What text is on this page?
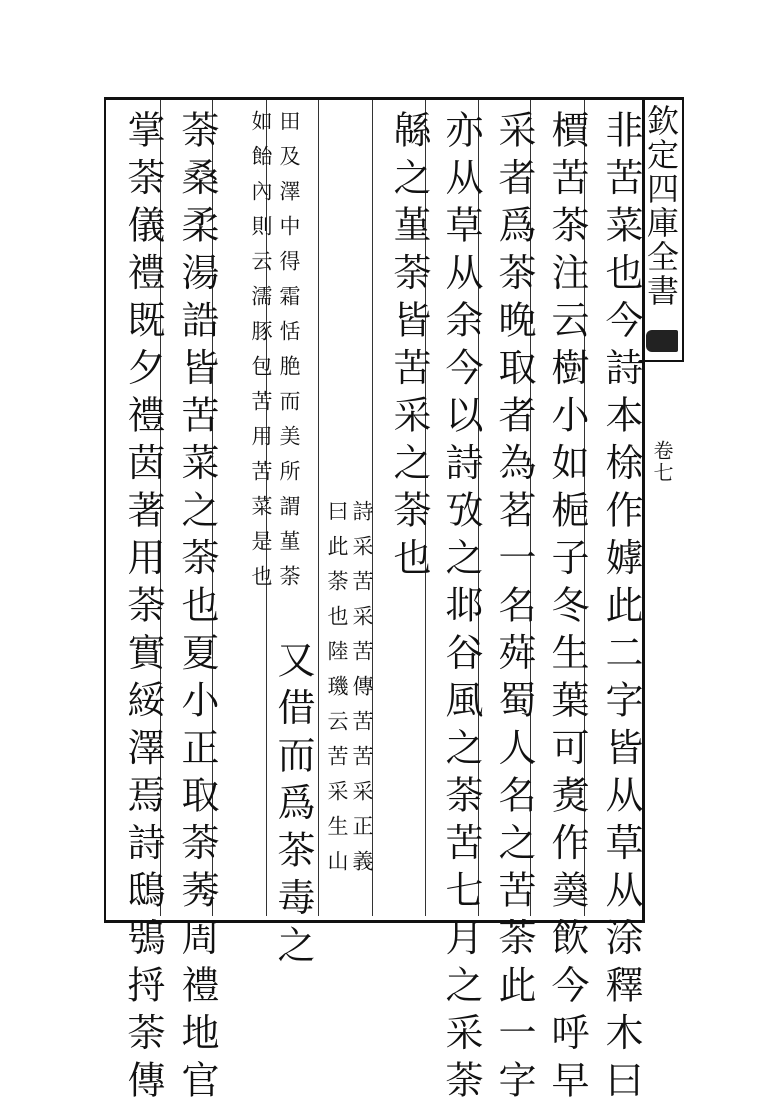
欽定四庫全書
卷七
非苦菜也今詩本梌作嫭此二字皆从草从涂釋木曰
檟苦茶注云樹小如梔子冬生葉可煑作羮飲今呼早
采者爲茶晚取者為茗一名荈蜀人名之苦荼此一字
亦从草从余今以詩攷之邶谷風之荼苦七月之采荼
緜之堇荼皆苦采之荼也
詩采苦采苦傳苦苦采正義
曰此荼也陸璣云苦采生山
田及澤中得霜恬脃而美所謂堇荼
如飴內則云濡豚包苦用苦菜是也
又借而爲茶毒之
荼桑柔湯誥皆苦菜之荼也夏小正取荼莠周禮地官
掌荼儀禮既夕禮茵著用荼實綏澤焉詩鴟鴞捋荼傳
